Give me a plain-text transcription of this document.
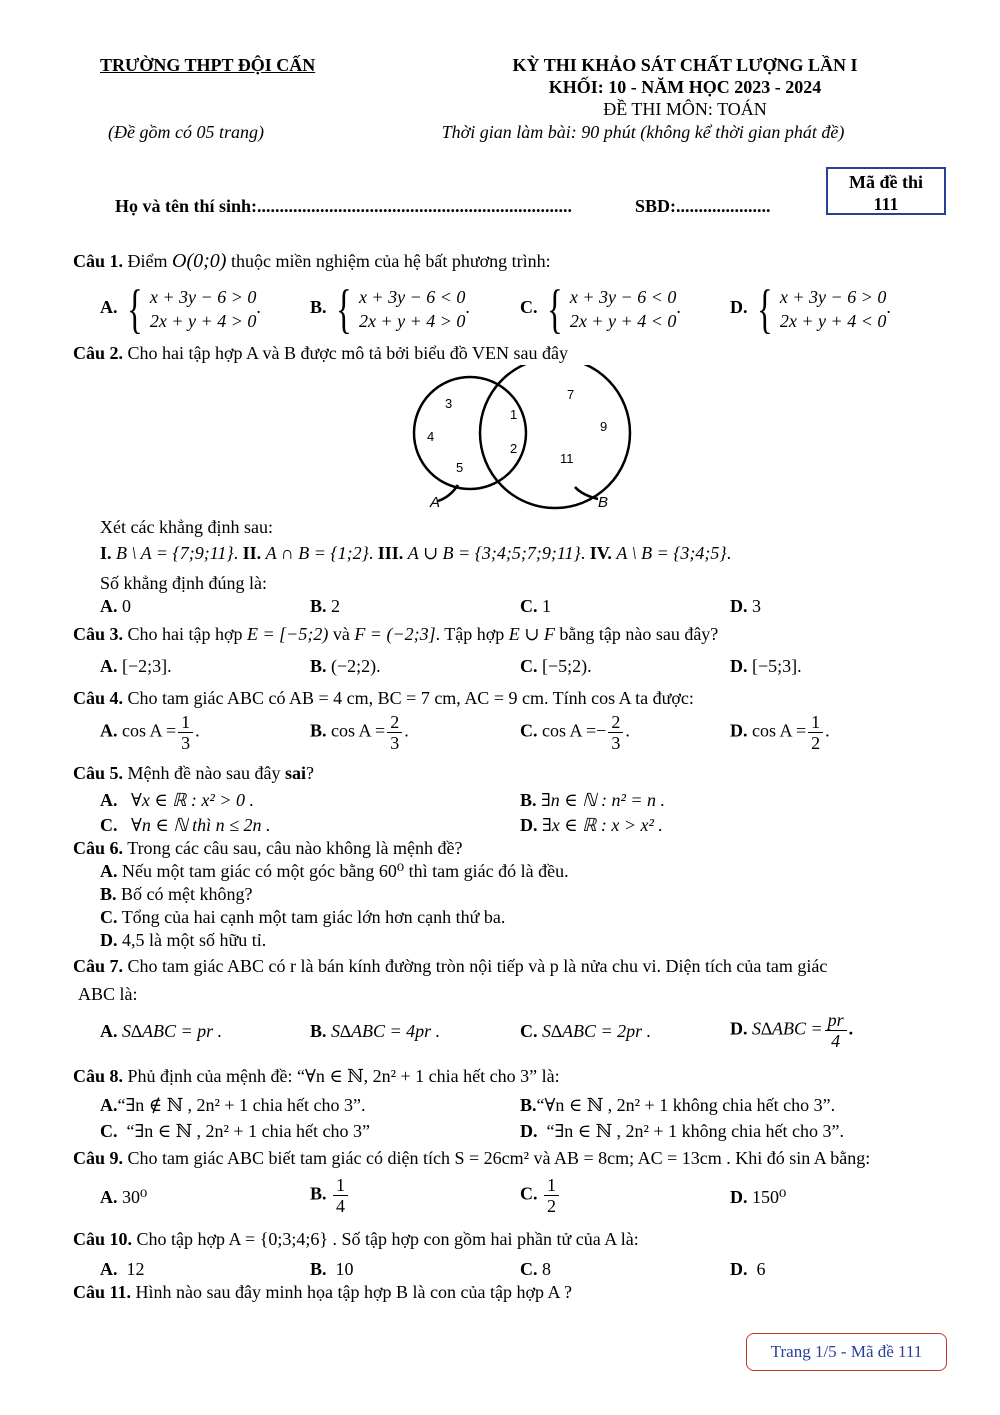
TRƯỜNG THPT ĐỘI CẤN
(Đề gồm có 05 trang)
KỲ THI KHẢO SÁT CHẤT LƯỢNG LẦN I
KHỐI: 10 - NĂM HỌC 2023 - 2024
ĐỀ THI MÔN: TOÁN
Thời gian làm bài: 90 phút (không kể thời gian phát đề)
Họ và tên thí sinh:......................................................................	SBD:.....................
Mã đề thi
111
Câu 1. Điểm O(0;0) thuộc miền nghiệm của hệ bất phương trình:
A. { x + 3y − 6 > 0
2x + y + 4 > 0
.	B. { x + 3y − 6 < 0
2x + y + 4 > 0
.	C. { x + 3y − 6 < 0
2x + y + 4 < 0
.	D. { x + 3y − 6 > 0
2x + y + 4 < 0
.
Câu 2. Cho hai tập hợp A và B được mô tả bởi biểu đồ VEN sau đây
3
4
5
1
2
7
9
11
A	B
Xét các khẳng định sau:
I. B \ A = {7;9;11}. II. A ∩ B = {1;2}. III. A ∪ B = {3;4;5;7;9;11}. IV. A \ B = {3;4;5}.
Số khẳng định đúng là:
A. 0	B. 2	C. 1	D. 3
Câu 3. Cho hai tập hợp E = [−5;2) và F = (−2;3]. Tập hợp E ∪ F bằng tập nào sau đây?
A. [−2;3].	B. (−2;2).	C. [−5;2).	D. [−5;3].
Câu 4. Cho tam giác ABC có AB = 4 cm, BC = 7 cm, AC = 9 cm. Tính cos A ta được:
A. $\cos A = \frac{1}{3}$ .	B. $\cos A = \frac{2}{3}$ .	C. $\cos A =- \frac{2}{3}$ .	D. $\cos A = \frac{1}{2}$ .
Câu 5. Mệnh đề nào sau đây sai?
A. ∀x ∈ ℝ : x² > 0 .	B. ∃n ∈ ℕ : n² = n .
C. ∀n ∈ ℕ thì n ≤ 2n .	D. ∃x ∈ ℝ : x > x² .
Câu 6. Trong các câu sau, câu nào không là mệnh đề?
A. Nếu một tam giác có một góc bằng 60⁰ thì tam giác đó là đều.
B. Bố có mệt không?
C. Tổng của hai cạnh một tam giác lớn hơn cạnh thứ ba.
D. 4,5 là một số hữu tỉ.
Câu 7. Cho tam giác ABC có r là bán kính đường tròn nội tiếp và p là nửa chu vi. Diện tích của tam giác
ABC là:
A. S∆ABC = pr .	B. S∆ABC = 4pr .	C. S∆ABC = 2pr .	D. $S\Delta ABC = \frac{pr}{4}$ .
Câu 8. Phủ định của mệnh đề: “∀n ∈ ℕ, 2n² + 1 chia hết cho 3” là:
A.“∃n ∉ ℕ , 2n² + 1 chia hết cho 3”.	B.“∀n ∈ ℕ , 2n² + 1 không chia hết cho 3”.
C. “∃n ∈ ℕ , 2n² + 1 chia hết cho 3”	D. “∃n ∈ ℕ , 2n² + 1 không chia hết cho 3”.
Câu 9. Cho tam giác ABC biết tam giác có diện tích S = 26cm² và AB = 8cm; AC = 13cm . Khi đó sin A bằng:
A. 30⁰	B. $\frac{1}{4}$	C. $\frac{1}{2}$	D. 150⁰
Câu 10. Cho tập hợp A = {0;3;4;6} . Số tập hợp con gồm hai phần tử của A là:
A. 12	B. 10	C. 8	D. 6
Câu 11. Hình nào sau đây minh họa tập hợp B là con của tập hợp A ?
Trang 1/5 - Mã đề 111
